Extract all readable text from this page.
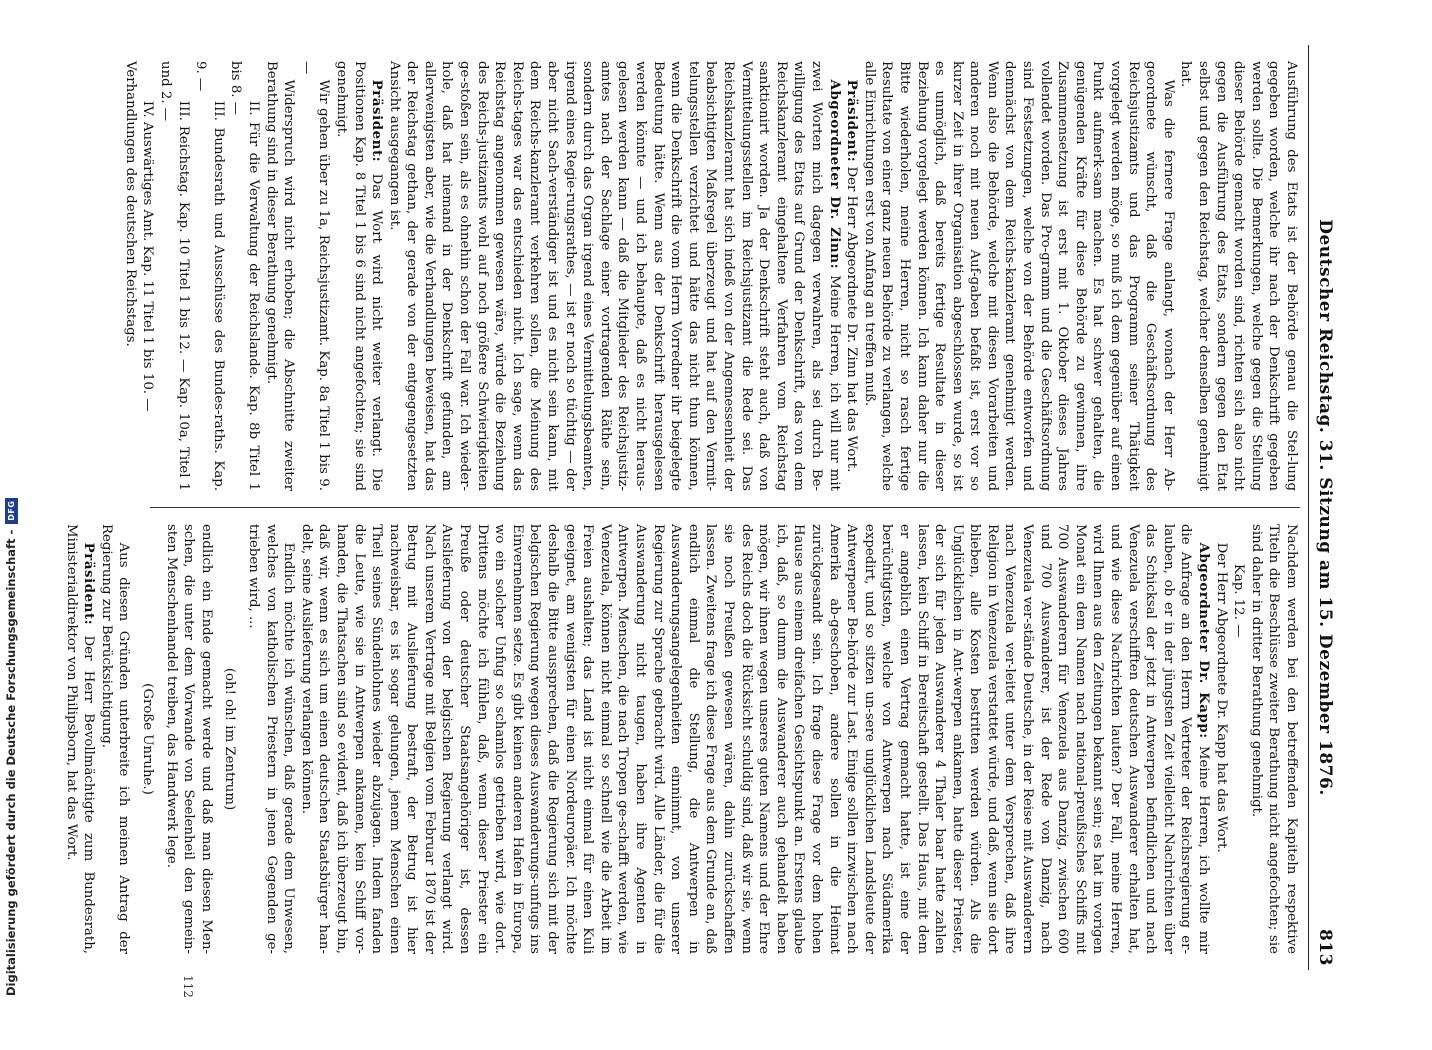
Digitalisierung gefördert durch die Deutsche Forschungsgemeinschaft -
DFG	Deutscher Reichstag. 31. Sitzung am 15. Dezember 1876.
813

Ausführung des Etats ist der Behörde genau die Stel-lung gegeben worden, welche ihr nach der Denkschrift gegeben werden sollte. Die Bemerkungen, welche gegen die Stellung dieser Behörde gemacht worden sind, richten sich also nicht gegen die Ausführung des Etats, sondern gegen den Etat selbst und gegen den Reichstag, welcher denselben genehmigt hat.

Was die fernere Frage anlangt, wonach der Herr Ab-geordnete wünscht, daß die Geschäftsordnung des Reichsjustizamts und das Programm seiner Thätigkeit vorgelegt werden möge, so muß ich dem gegenüber auf einen Punkt aufmerk-sam machen. Es hat schwer gehalten, die genügenden Kräfte für diese Behörde zu gewinnen, ihre Zusammensetzung ist erst mit 1. Oktober dieses Jahres vollendet worden. Das Pro-gramm und die Geschäftsordnung sind Festsetzungen, welche von der Behörde entworfen und demnächst von dem Reichs-kanzleramt genehmigt werden. Wenn also die Behörde, welche mit diesen Vorarbeiten und anderen noch mit neuen Auf-gaben befaßt ist, erst vor so kurzer Zeit in ihrer Organisation abgeschlossen wurde, so ist es unmöglich, daß bereits fertige Resultate in dieser Beziehung vorgelegt werden können. Ich kann daher nur die Bitte wiederholen, meine Herren, nicht so rasch fertige Resultate von einer ganz neuen Behörde zu verlangen, welche alle Einrichtungen erst von Anfang an treffen muß.

Präsident: Der Herr Abgeordnete Dr. Zinn hat das Wort.

Abgeordneter Dr. Zinn: Meine Herren, ich will nur mit zwei Worten mich dagegen verwahren, als sei durch Be-willigung des Etats auf Grund der Denkschrift, das von dem Reichskanzleramt eingehaltene Verfahren vom Reichstag sanktionirt worden. Ja der Denkschrift steht auch, daß von Vermittelungsstellen im Reichsjustizamt die Rede sei. Das Reichskanzleramt hat sich indeß von der Angemessenheit der beabsichtigten Maßregel überzeugt und hat auf den Vermit-telungsstellen verzichtet und hätte das nicht thun können, wenn die Denkschrift die vom Herrn Vorredner ihr beigelegte Bedeutung hätte. Wenn aus der Denkschrift herausgelesen werden könnte — und ich behaupte, daß es nicht heraus-gelesen werden kann — daß die Mitglieder des Reichsjustiz-amtes nach der Sachlage einer vortragenden Räthe sein, sondern durch das Organ irgend eines Vermittelungsbeamten, irgend eines Regie-rungsrathes, — ist er noch so tüchtig — der aber nicht Sach-verständiger ist und es nicht sein kann, mit dem Reichs-kanzleramt verkehren sollen, die Meinung des Reichs-tages war das entschieden nicht. Ich sage, wenn das Reichstag angenommen gewesen wäre, würde die Beziehung des Reichs-justizamts wohl auf noch größere Schwierigkeiten ge-stoßen sein, als es ohnehin schon der Fall war. Ich wieder-hole, daß hat niemand in der Denkschrift gefunden, am allerwenigsten aber, wie die Verhandlungen beweisen, hat das der Reichstag gethan, der gerade von der entgegengesetzten Ansicht ausgegangen ist.

Präsident: Das Wort wird nicht weiter verlangt. Die Positionen Kap. 8 Titel 1 bis 6 sind nicht angefochten; sie sind genehmigt.

Wir gehen über zu 1a, Reichsjustizamt. Kap. 8a Titel 1 bis 9. —

Widerspruch wird nicht erhoben; die Abschnitte zweiter Berathung sind in dieser Berathung genehmigt.

II. Für die Verwaltung der Reichslande. Kap. 8b Titel 1 bis 8. —

III. Bundesrath und Ausschüsse des Bundes-raths. Kap. 9. —

III. Reichstag. Kap. 10 Titel 1 bis 12. — Kap. 10a, Titel 1 und 2. —

IV. Auswärtiges Amt. Kap. 11 Titel 1 bis 10. —

Verhandlungen des deutschen Reichstags.

Nachdem werden bei den betreffenden Kapiteln respektive Titeln die Beschlüsse zweiter Berathung nicht angefochten; sie sind daher in dritter Berathung genehmigt.

Kap. 12. —

Der Herr Abgeordnete Dr. Kapp hat das Wort.

Abgeordneter Dr. Kapp: Meine Herren, ich wollte mir die Anfrage an den Herrn Vertreter der Reichsregierung er-lauben, ob er in der jüngsten Zeit vielleicht Nachrichten über das Schicksal der jetzt in Antwerpen befindlichen und nach Venezuela verschifften deutschen Auswanderer erhalten hat, und wie diese Nachrichten lauten? Der Fall, meine Herren, wird Ihnen aus den Zeitungen bekannt sein; es hat im vorigen Monat ein dem Namen nach national-preußisches Schiffs mit 700 Auswanderern für Venezuela aus Danzig, zwischen 600 und 700 Auswanderer, ist der Rede von Danzig, nach Venezuela ver-stände Deutsche, in der Reise mit Auswanderern nach Venezuela ver-leitet unter dem Versprechen, daß ihre Religion in Venezuela verstattet würde, und daß, wenn sie dort blieben, alle Kosten bestritten werden würden. Als die Unglücklichen in Ant-werpen ankamen, hatte dieser Priester, der sich für jeden Auswanderer 4 Thaler baar hatte zahlen lassen, kein Schiff in Bereitschaft gestellt. Das Haus, mit dem er angeblich einen Vertrag gemacht hatte, ist eine der berüchtigtsten, welche von Antwerpen nach Südamerika expedirt, und so sitzen un-sere unglücklichen Landsleute der Antwerpener Be-hörde zur Last. Einige sollen inzwischen nach Amerika ab-geschoben, andere sollen in die Heimat zurückgesandt sein. Ich frage diese Frage vor dem hohen Hause aus einem dreifachen Gesichtspunkt an. Erstens glaube ich, daß, so dumm die Auswanderer auch gehandelt haben mögen, wir ihnen wegen unseres guten Namens und der Ehre des Reichs doch die Rücksicht schuldig sind, daß wir sie, wenn sie noch Preußen gewesen wären, dahin zurückschaffen lassen. Zweitens frage ich diese Frage aus dem Grunde an, daß endlich einmal die Stellung, die Antwerpen in Auswanderungsangelegenheiten einnimmt, von unserer Regierung zur Sprache gebracht wird. Alle Länder, die für die Auswanderung nicht taugen, haben ihre Agenten in Antwerpen. Menschen, die nach Tropen ge-schafft werden, wie Venezuela, können nicht einmal so schnell wie die Arbeit im Freien aushalten; das Land ist nicht einmal für einen Kuli geeignet, am wenigsten für einen Nordeuropäer. Ich möchte deshalb die Bitte aussprechen, daß die Regierung sich mit der belgischen Regierung wegen dieses Auswanderungs-unfugs ins Einvernehmen setze. Es gibt keinen anderen Hafen in Europa, wo ein solcher Unfug so schamlos getrieben wird, wie dort. Drittens möchte ich fühlen, daß, wenn dieser Priester ein Preuße oder deutscher Staatsangehöriger ist, dessen Auslieferung von der belgischen Regierung verlangt wird. Nach unserem Vertrage mit Belgien vom Februar 1870 ist der Betrug mit Auslieferung bestraft, der Betrug ist hier nachweisbar, es ist sogar gelungen, jenem Menschen einen Theil seines Sündenlohnes wieder abzujagen. Indem fanden die Leute, wie sie in Antwerpen ankamen, kein Schiff vor-handen, die Thatsachen sind so evident, daß ich überzeugt bin, daß wir, wenn es sich um einen deutschen Staatsbürger han-delt, seine Auslieferung verlangen können.

Endlich möchte ich wünschen, daß gerade dem Unwesen, welches von katholischen Priestern in jenen Gegenden ge-trieben wird, ...

(oh! oh! im Zentrum)

endlich ein Ende gemacht werde und daß man diesen Men-schen, die unter dem Vorwande von Seelenheil den gemein-sten Menschenhandel treiben, das Handwerk lege.

(Große Unruhe.)

Aus diesen Gründen unterbreite ich meinen Antrag der Regierung zur Berücksichtigung.

Präsident: Der Herr Bevollmächtigte zum Bundesrath, Ministerialdirektor von Philipsborn, hat das Wort.

112
